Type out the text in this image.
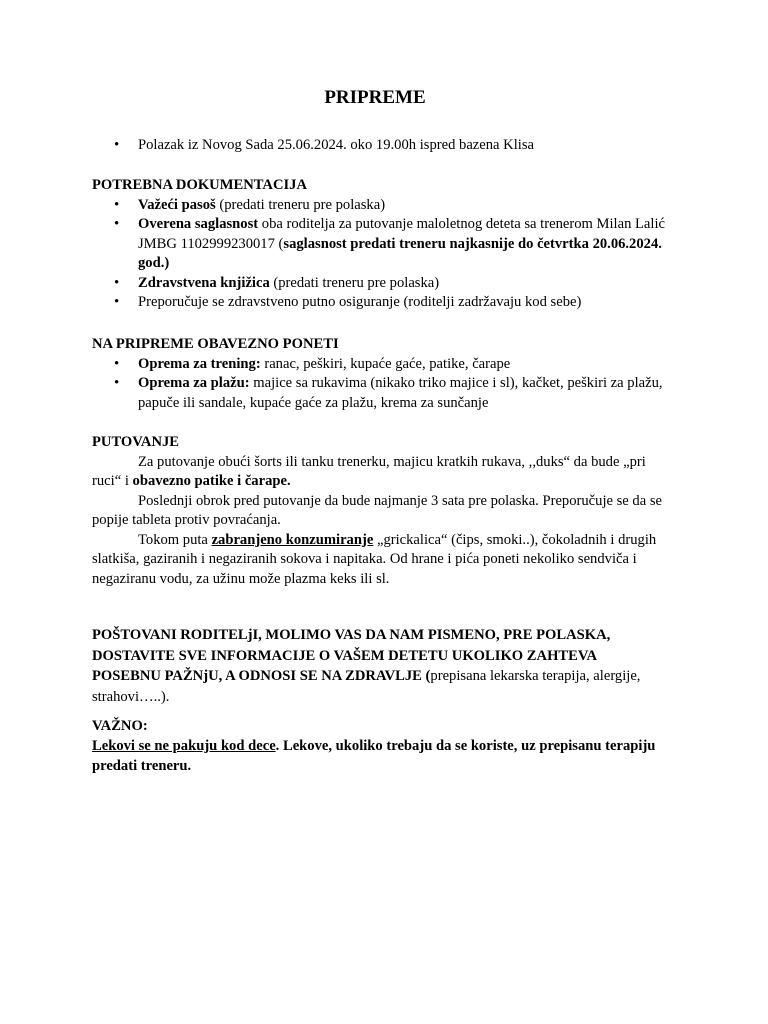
PRIPREME
• Polazak iz Novog Sada 25.06.2024. oko 19.00h ispred bazena Klisa
POTREBNA DOKUMENTACIJA
• Važeći pasoš (predati treneru pre polaska)
• Overena saglasnost oba roditelja za putovanje maloletnog deteta sa trenerom Milan Lalić JMBG 1102999230017 (saglasnost predati treneru najkasnije do četvrtka 20.06.2024. god.)
• Zdravstvena knjižica (predati treneru pre polaska)
• Preporučuje se zdravstveno putno osiguranje (roditelji zadržavaju kod sebe)
NA PRIPREME OBAVEZNO PONETI
• Oprema za trening: ranac, peškiri, kupaće gaće, patike, čarape
• Oprema za plažu: majice sa rukavima (nikako triko majice i sl), kačket, peškiri za plažu, papuče ili sandale, kupaće gaće za plažu, krema za sunčanje
PUTOVANJE

Za putovanje obući šorts ili tanku trenerku, majicu kratkih rukava, ,,duks“ da bude „pri ruci“ i obavezno patike i čarape.

Poslednji obrok pred putovanje da bude najmanje 3 sata pre polaska. Preporučuje se da se popije tableta protiv povraćanja.

Tokom puta zabranjeno konzumiranje „grickalica“ (čips, smoki..), čokoladnih i drugih slatkiša, gaziranih i negaziranih sokova i napitaka. Od hrane i pića poneti nekoliko sendviča i negaziranu vodu, za užinu može plazma keks ili sl.

POŠTOVANI RODITELjI, MOLIMO VAS DA NAM PISMENO, PRE POLASKA, DOSTAVITE SVE INFORMACIJE O VAŠEM DETETU UKOLIKO ZAHTEVA POSEBNU PAŽNjU, A ODNOSI SE NA ZDRAVLJE (prepisana lekarska terapija, alergije, strahovi…..).

VAŽNO:

Lekovi se ne pakuju kod dece. Lekove, ukoliko trebaju da se koriste, uz prepisanu terapiju predati treneru.
